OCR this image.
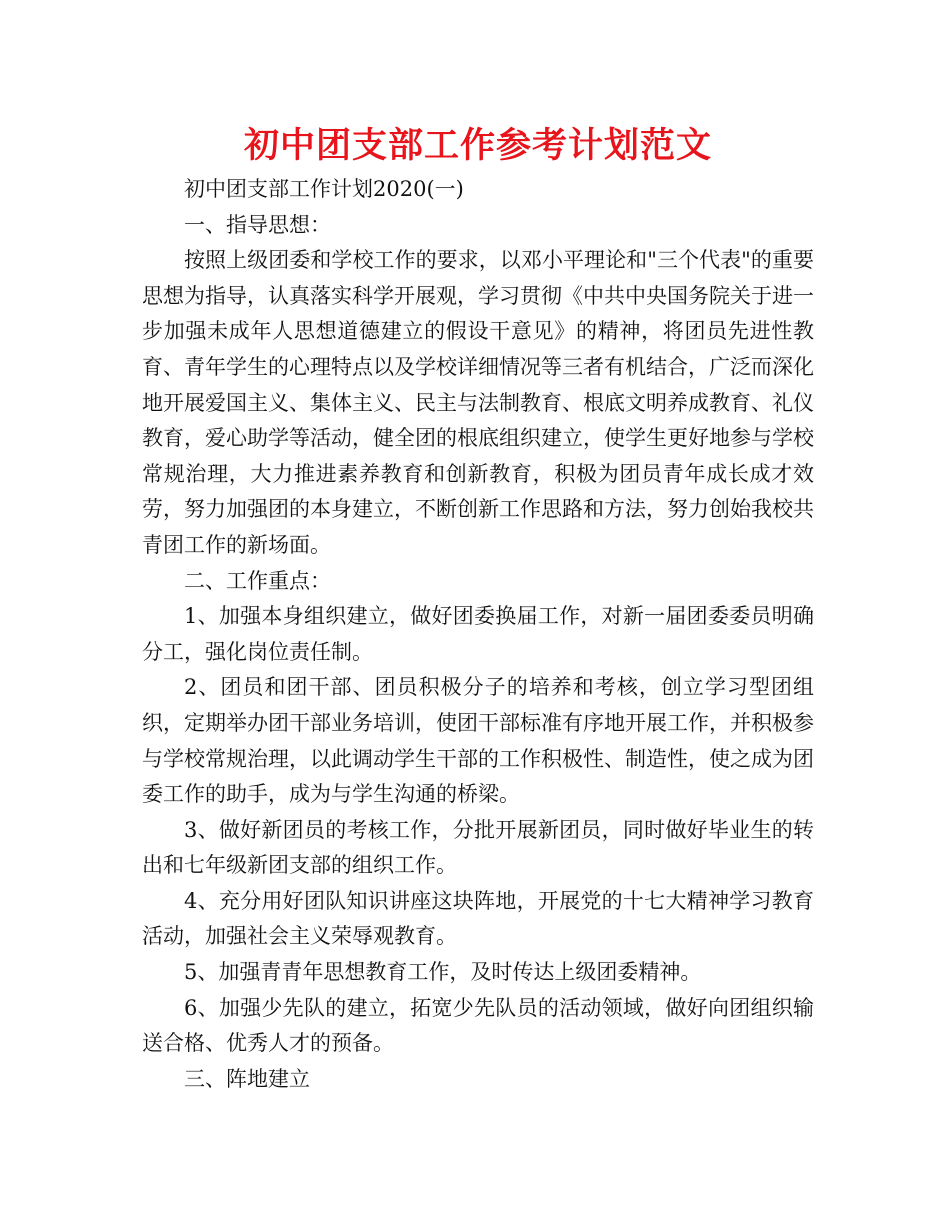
初中团支部工作参考计划范文

初中团支部工作计划2020(一)

一、指导思想：

按照上级团委和学校工作的要求，以邓小平理论和"三个代表"的重要思想为指导，认真落实科学开展观，学习贯彻《中共中央国务院关于进一步加强未成年人思想道德建立的假设干意见》的精神，将团员先进性教育、青年学生的心理特点以及学校详细情况等三者有机结合，广泛而深化地开展爱国主义、集体主义、民主与法制教育、根底文明养成教育、礼仪教育，爱心助学等活动，健全团的根底组织建立，使学生更好地参与学校常规治理，大力推进素养教育和创新教育，积极为团员青年成长成才效劳，努力加强团的本身建立，不断创新工作思路和方法，努力创始我校共青团工作的新场面。

二、工作重点：

1、加强本身组织建立，做好团委换届工作，对新一届团委委员明确分工，强化岗位责任制。

2、团员和团干部、团员积极分子的培养和考核，创立学习型团组织，定期举办团干部业务培训，使团干部标准有序地开展工作，并积极参与学校常规治理，以此调动学生干部的工作积极性、制造性，使之成为团委工作的助手，成为与学生沟通的桥梁。

3、做好新团员的考核工作，分批开展新团员，同时做好毕业生的转出和七年级新团支部的组织工作。

4、充分用好团队知识讲座这块阵地，开展党的十七大精神学习教育活动，加强社会主义荣辱观教育。

5、加强青青年思想教育工作，及时传达上级团委精神。

6、加强少先队的建立，拓宽少先队员的活动领域，做好向团组织输送合格、优秀人才的预备。

三、阵地建立
